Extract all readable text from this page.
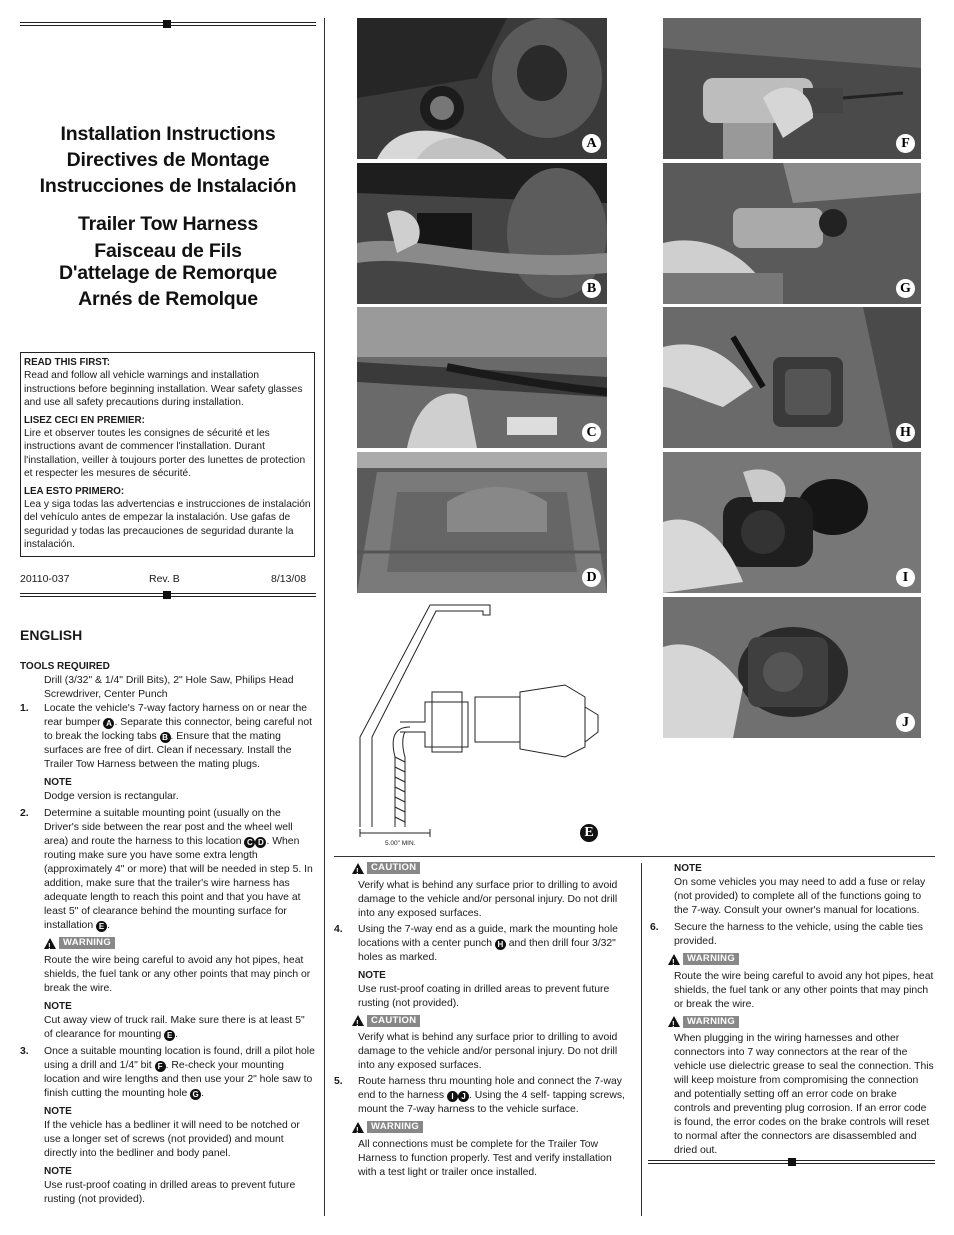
Installation Instructions
Directives de Montage
Instrucciones de Instalación
Trailer Tow Harness
Faisceau de Fils
D'attelage de Remorque
Arnés de Remolque

READ THIS FIRST:
Read and follow all vehicle warnings and installation instructions before beginning installation. Wear safety glasses and use all safety precautions during installation.

LISEZ CECI EN PREMIER:
Lire et observer toutes les consignes de sécurité et les instructions avant de commencer l'installation. Durant l'installation, veiller à toujours porter des lunettes de protection et respecter les mesures de sécurité.

LEA ESTO PRIMERO:
Lea y siga todas las advertencias e instrucciones de instalación del vehículo antes de empezar la instalación. Use gafas de seguridad y todas las precauciones de seguridad durante la instalación.

20110-037	Rev. B	8/13/08
ENGLISH
A
B
C
D
5.00" MIN.
E
F
G
H
I
J
TOOLS REQUIRED
Drill (3/32" & 1/4" Drill Bits), 2" Hole Saw, Philips Head Screwdriver, Center Punch
1. Locate the vehicle's 7-way factory harness on or near the rear bumper A . Separate this connector, being careful not to break the locking tabs B . Ensure that the mating surfaces are free of dirt. Clean if necessary. Install the Trailer Tow Harness between the mating plugs.
NOTE
Dodge version is rectangular.
2. Determine a suitable mounting point (usually on the Driver's side between the rear post and the wheel well area) and route the harness to this location C D . When routing make sure you have some extra length (approximately 4" or more) that will be needed in step 5. In addition, make sure that the trailer's wire harness has adequate length to reach this point and that you have at least 5" of clearance behind the mounting surface for installation E .
!	WARNING
Route the wire being careful to avoid any hot pipes, heat shields, the fuel tank or any other points that may pinch or break the wire.
NOTE
Cut away view of truck rail. Make sure there is at least 5" of clearance for mounting E .
3. Once a suitable mounting location is found, drill a pilot hole using a drill and 1/4" bit F . Re-check your mounting location and wire lengths and then use your 2" hole saw to finish cutting the mounting hole G .
NOTE
If the vehicle has a bedliner it will need to be notched or use a longer set of screws (not provided) and mount directly into the bedliner and body panel.
NOTE
Use rust-proof coating in drilled areas to prevent future rusting (not provided).
!	CAUTION
Verify what is behind any surface prior to drilling to avoid damage to the vehicle and/or personal injury. Do not drill into any exposed surfaces.
4. Using the 7-way end as a guide, mark the mounting hole locations with a center punch H and then drill four 3/32" holes as marked.
NOTE
Use rust-proof coating in drilled areas to prevent future rusting (not provided).
!	CAUTION
Verify what is behind any surface prior to drilling to avoid damage to the vehicle and/or personal injury. Do not drill into any exposed surfaces.
5. Route harness thru mounting hole and connect the 7-way end to the harness I J . Using the 4 self- tapping screws, mount the 7-way harness to the vehicle surface.
!	WARNING
All connections must be complete for the Trailer Tow Harness to function properly. Test and verify installation with a test light or trailer once installed.
NOTE
On some vehicles you may need to add a fuse or relay (not provided) to complete all of the functions going to the 7-way. Consult your owner's manual for locations.
6. Secure the harness to the vehicle, using the cable ties provided.
!	WARNING
Route the wire being careful to avoid any hot pipes, heat shields, the fuel tank or any other points that may pinch or break the wire.
!	WARNING
When plugging in the wiring harnesses and other connectors into 7 way connectors at the rear of the vehicle use dielectric grease to seal the connection. This will keep moisture from compromising the connection and potentially setting off an error code on brake controls and preventing plug corrosion. If an error code is found, the error codes on the brake controls will reset to normal after the connectors are disassembled and dried out.
